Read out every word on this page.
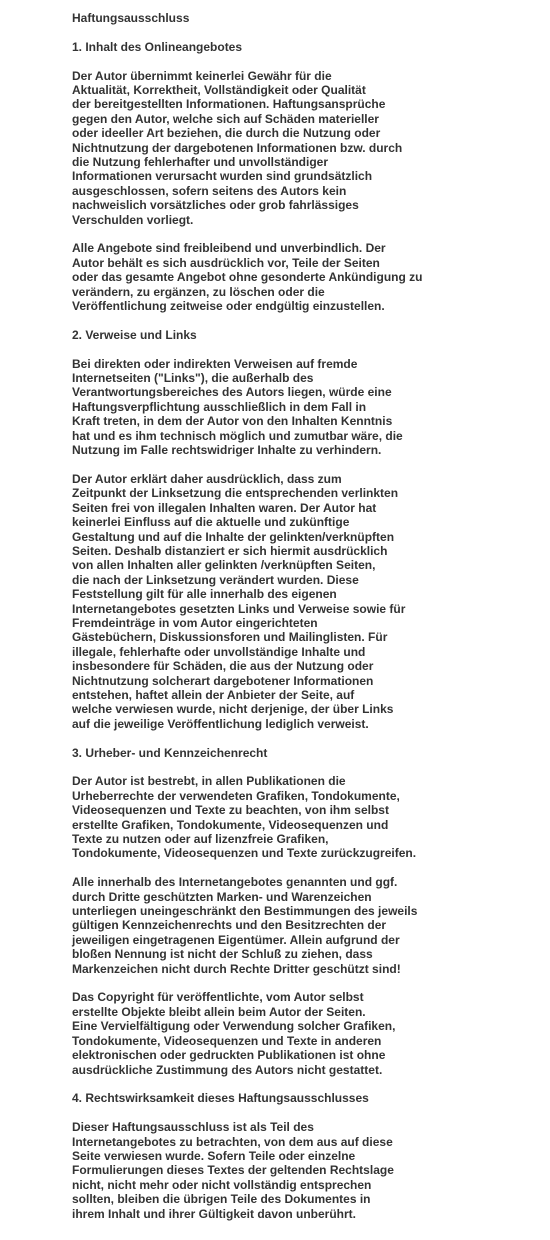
Haftungsausschluss

1. Inhalt des Onlineangebotes

Der Autor übernimmt keinerlei Gewähr für die
Aktualität, Korrektheit, Vollständigkeit oder Qualität
der bereitgestellten Informationen. Haftungsansprüche
gegen den Autor, welche sich auf Schäden materieller
oder ideeller Art beziehen, die durch die Nutzung oder
Nichtnutzung der dargebotenen Informationen bzw. durch
die Nutzung fehlerhafter und unvollständiger
Informationen verursacht wurden sind grundsätzlich
ausgeschlossen, sofern seitens des Autors kein
nachweislich vorsätzliches oder grob fahrlässiges
Verschulden vorliegt.

Alle Angebote sind freibleibend und unverbindlich. Der
Autor behält es sich ausdrücklich vor, Teile der Seiten
oder das gesamte Angebot ohne gesonderte Ankündigung zu
verändern, zu ergänzen, zu löschen oder die
Veröffentlichung zeitweise oder endgültig einzustellen.

2. Verweise und Links

Bei direkten oder indirekten Verweisen auf fremde
Internetseiten ("Links"), die außerhalb des
Verantwortungsbereiches des Autors liegen, würde eine
Haftungsverpflichtung ausschließlich in dem Fall in
Kraft treten, in dem der Autor von den Inhalten Kenntnis
hat und es ihm technisch möglich und zumutbar wäre, die
Nutzung im Falle rechtswidriger Inhalte zu verhindern.

Der Autor erklärt daher ausdrücklich, dass zum
Zeitpunkt der Linksetzung die entsprechenden verlinkten
Seiten frei von illegalen Inhalten waren. Der Autor hat
keinerlei Einfluss auf die aktuelle und zukünftige
Gestaltung und auf die Inhalte der gelinkten/verknüpften
Seiten. Deshalb distanziert er sich hiermit ausdrücklich
von allen Inhalten aller gelinkten /verknüpften Seiten,
die nach der Linksetzung verändert wurden. Diese
Feststellung gilt für alle innerhalb des eigenen
Internetangebotes gesetzten Links und Verweise sowie für
Fremdeinträge in vom Autor eingerichteten
Gästebüchern, Diskussionsforen und Mailinglisten. Für
illegale, fehlerhafte oder unvollständige Inhalte und
insbesondere für Schäden, die aus der Nutzung oder
Nichtnutzung solcherart dargebotener Informationen
entstehen, haftet allein der Anbieter der Seite, auf
welche verwiesen wurde, nicht derjenige, der über Links
auf die jeweilige Veröffentlichung lediglich verweist.

3. Urheber- und Kennzeichenrecht

Der Autor ist bestrebt, in allen Publikationen die
Urheberrechte der verwendeten Grafiken, Tondokumente,
Videosequenzen und Texte zu beachten, von ihm selbst
erstellte Grafiken, Tondokumente, Videosequenzen und
Texte zu nutzen oder auf lizenzfreie Grafiken,
Tondokumente, Videosequenzen und Texte zurückzugreifen.

Alle innerhalb des Internetangebotes genannten und ggf.
durch Dritte geschützten Marken- und Warenzeichen
unterliegen uneingeschränkt den Bestimmungen des jeweils
gültigen Kennzeichenrechts und den Besitzrechten der
jeweiligen eingetragenen Eigentümer. Allein aufgrund der
bloßen Nennung ist nicht der Schluß zu ziehen, dass
Markenzeichen nicht durch Rechte Dritter geschützt sind!

Das Copyright für veröffentlichte, vom Autor selbst
erstellte Objekte bleibt allein beim Autor der Seiten.
Eine Vervielfältigung oder Verwendung solcher Grafiken,
Tondokumente, Videosequenzen und Texte in anderen
elektronischen oder gedruckten Publikationen ist ohne
ausdrückliche Zustimmung des Autors nicht gestattet.

4. Rechtswirksamkeit dieses Haftungsausschlusses

Dieser Haftungsausschluss ist als Teil des
Internetangebotes zu betrachten, von dem aus auf diese
Seite verwiesen wurde. Sofern Teile oder einzelne
Formulierungen dieses Textes der geltenden Rechtslage
nicht, nicht mehr oder nicht vollständig entsprechen
sollten, bleiben die übrigen Teile des Dokumentes in
ihrem Inhalt und ihrer Gültigkeit davon unberührt.
